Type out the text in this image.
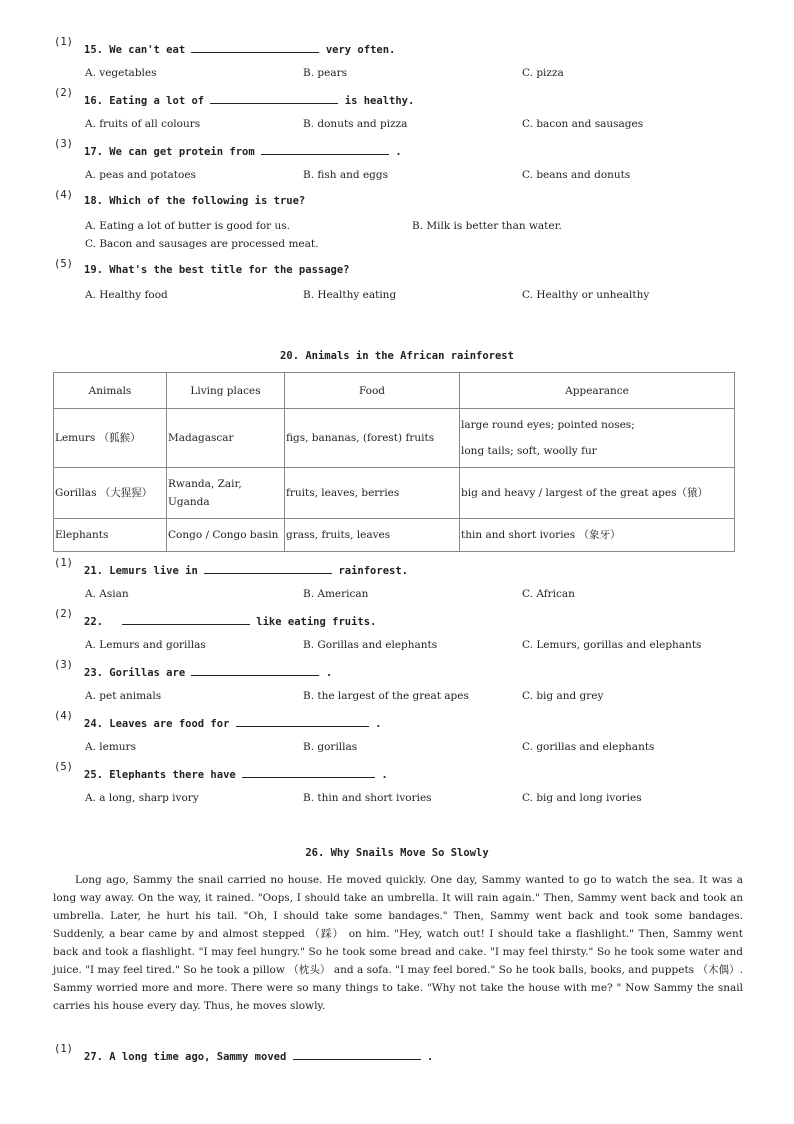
(1)
15. We can't eat	very often.
A. vegetables	B. pears	C. pizza
(2)
16. Eating a lot of	is healthy.
A. fruits of all colours	B. donuts and pizza	C. bacon and sausages
(3)
17. We can get protein from	.
A. peas and potatoes	B. fish and eggs	C. beans and donuts
(4) 18. Which of the following is true?
A. Eating a lot of butter is good for us.	B. Milk is better than water.
C. Bacon and sausages are processed meat.
(5) 19. What's the best title for the passage?
A. Healthy food	B. Healthy eating	C. Healthy or unhealthy
20. Animals in the African rainforest
Animals	Living places	Food	Appearance
Lemurs （狐猴）	Madagascar	figs, bananas, (forest) fruits	large round eyes; pointed noses;
long tails; soft, woolly fur

Gorillas （大猩猩）	Rwanda, Zair, Uganda	fruits, leaves, berries	big and heavy / largest of the great apes（猿）
Elephants	Congo / Congo basin	grass, fruits, leaves	thin and short ivories （象牙）
(1)
21. Lemurs live in	rainforest.
A. Asian	B. American	C. African
(2)
22.	like eating fruits.
A. Lemurs and gorillas	B. Gorillas and elephants	C. Lemurs, gorillas and elephants
(3)
23. Gorillas are	.
A. pet animals	B. the largest of the great apes	C. big and grey
(4)
24. Leaves are food for	.
A. lemurs	B. gorillas	C. gorillas and elephants
(5)
25. Elephants there have	.
A. a long, sharp ivory	B. thin and short ivories	C. big and long ivories
26. Why Snails Move So Slowly

Long ago, Sammy the snail carried no house. He moved quickly. One day, Sammy wanted to go to watch the sea. It was a long way away. On the way, it rained. "Oops, I should take an umbrella. It will rain again." Then, Sammy went back and took an umbrella. Later, he hurt his tail. "Oh, I should take some bandages." Then, Sammy went back and took some bandages. Suddenly, a bear came by and almost stepped （踩） on him. "Hey, watch out! I should take a flashlight." Then, Sammy went back and took a flashlight. "I may feel hungry." So he took some bread and cake. "I may feel thirsty." So he took some water and juice. "I may feel tired." So he took a pillow （枕头） and a sofa. "I may feel bored." So he took balls, books, and puppets （木偶）. Sammy worried more and more. There were so many things to take. "Why not take the house with me? " Now Sammy the snail carries his house every day. Thus, he moves slowly.

(1)
27. A long time ago, Sammy moved	.
